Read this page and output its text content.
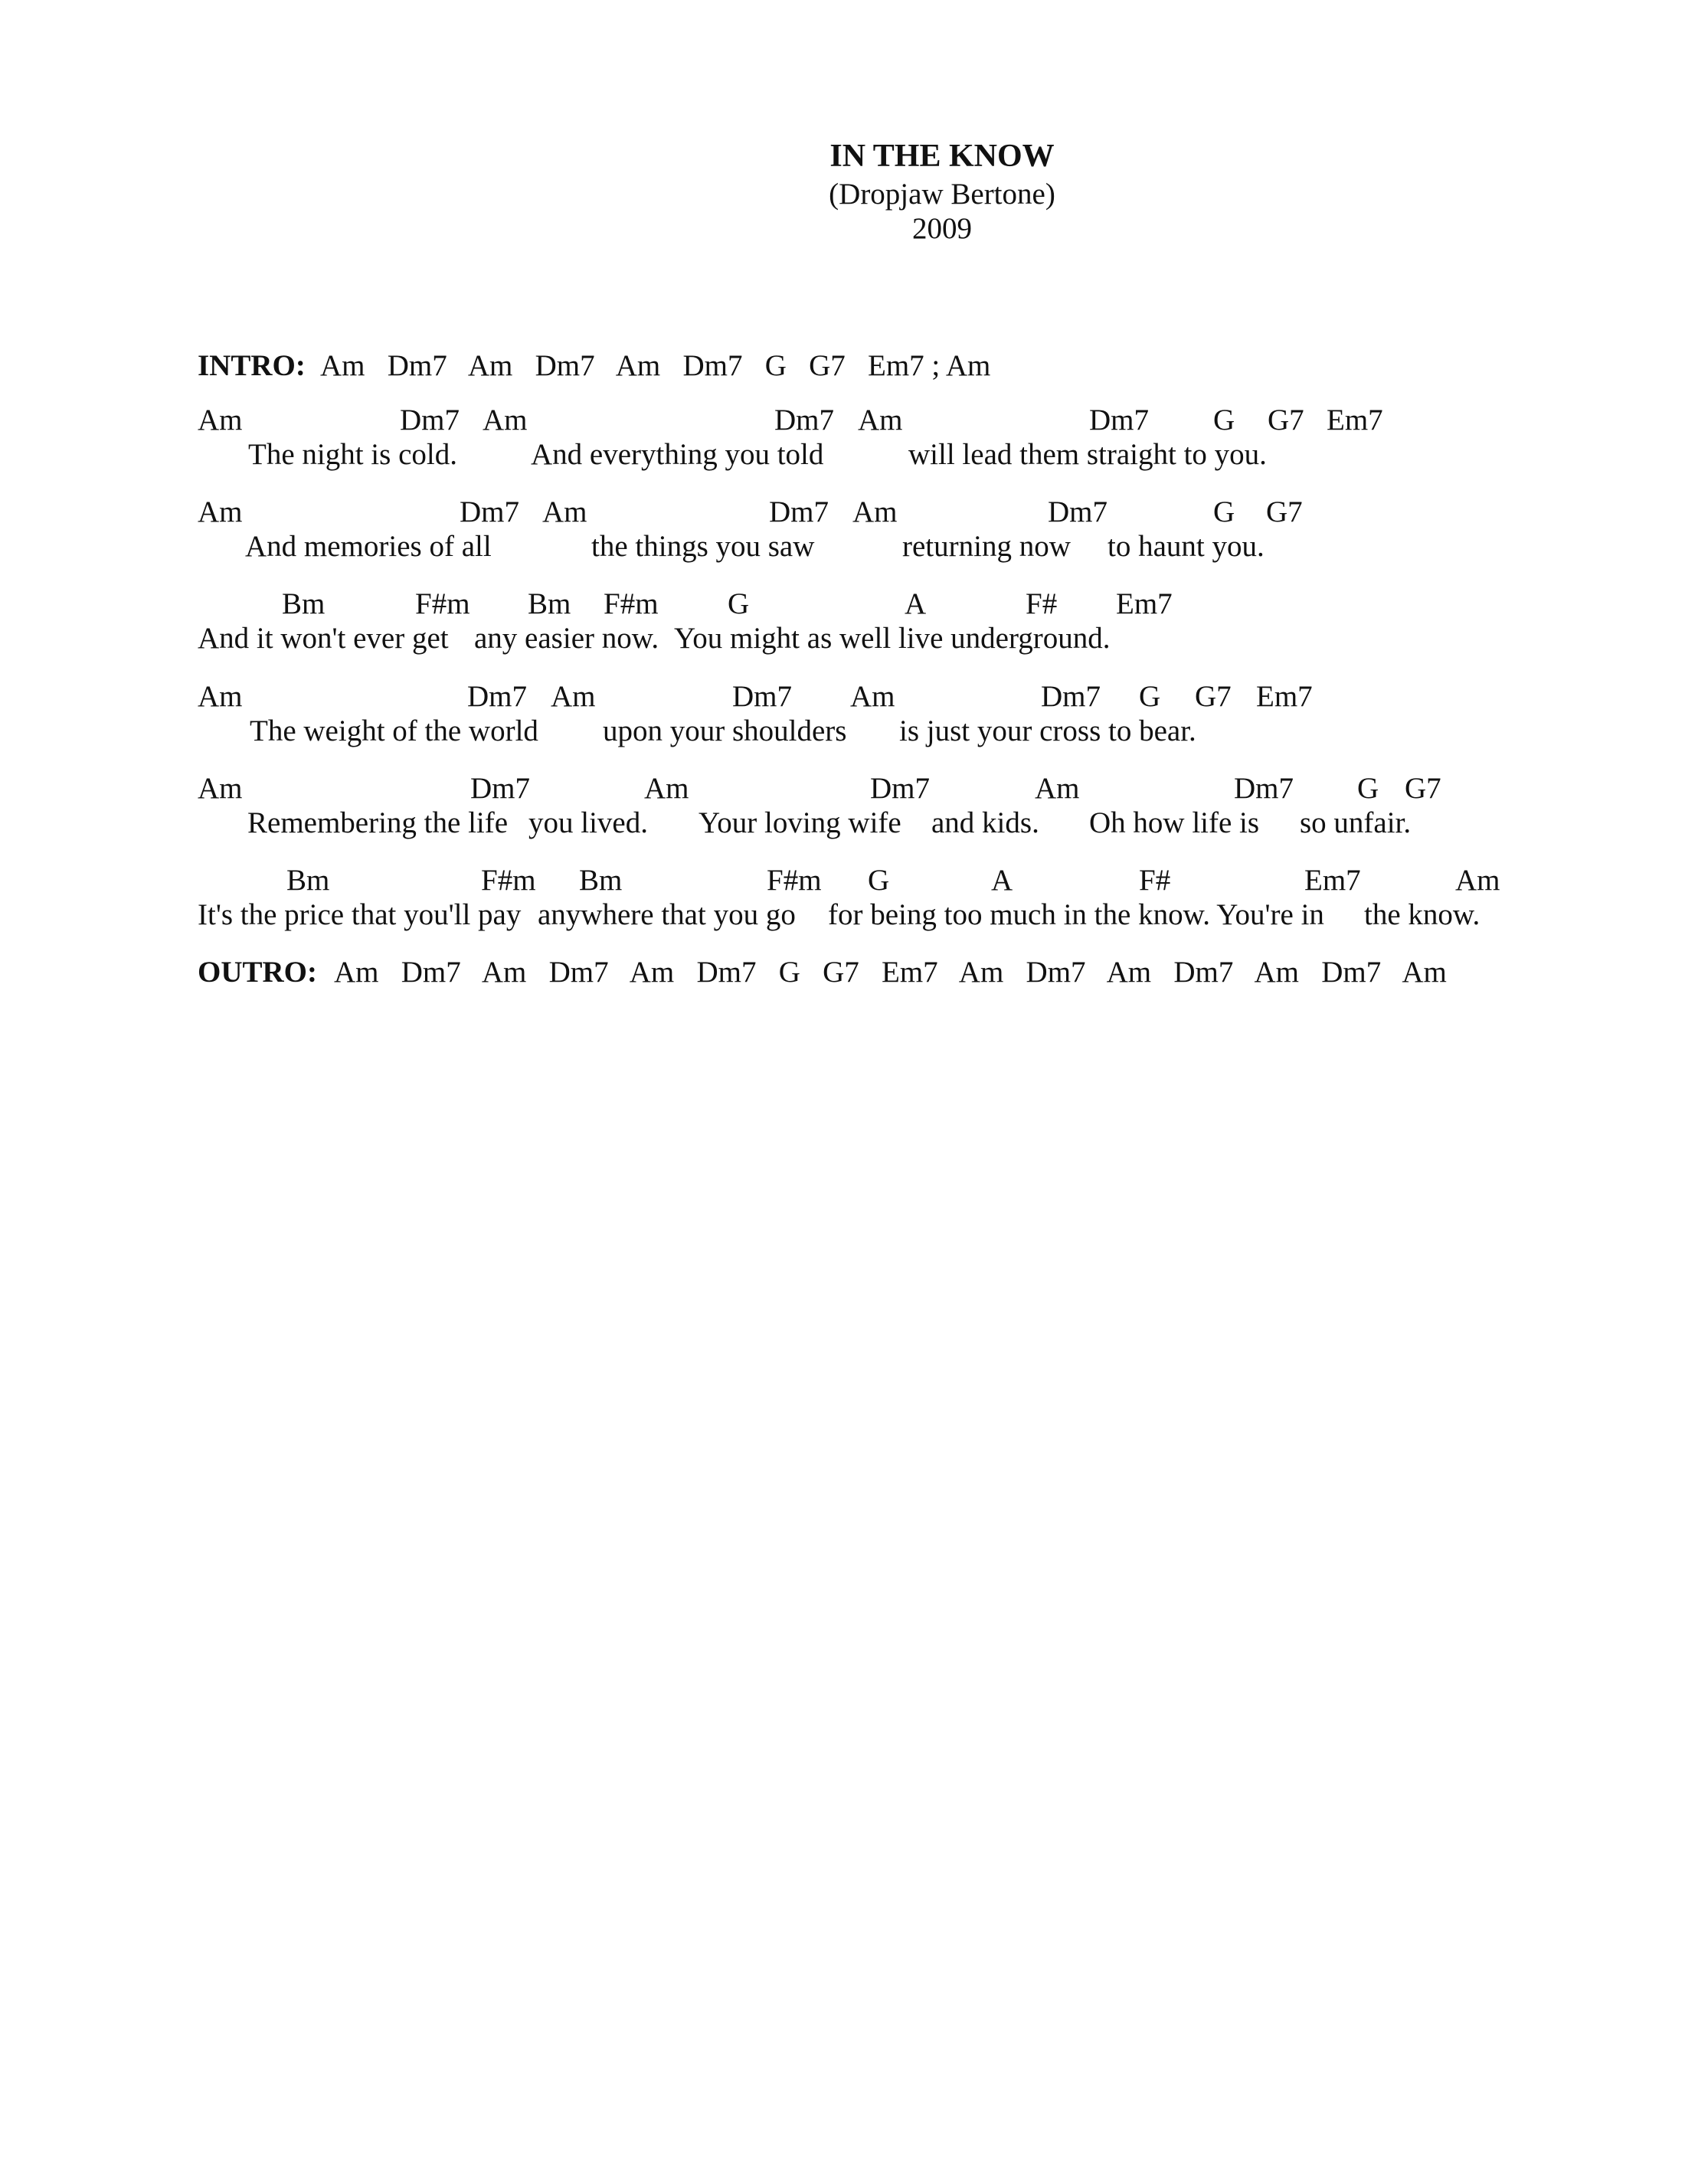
IN THE KNOW
(Dropjaw Bertone)
2009
INTRO: Am   Dm7   Am   Dm7   Am   Dm7   G   G7   Em7 ; Am
Am	Dm7 Am	Dm7 Am	Dm7 G G7 Em7
The night is cold. And everything you told	will lead them straight to you.
Am	Dm7 Am	Dm7 Am	Dm7	G G7
And memories of all	the things you saw	returning now to haunt you.
Bm	F#m Bm F#m G	A	F# Em7
And it won't ever get any easier now. You might as well live underground.
Am	Dm7 Am	Dm7 Am	Dm7 G G7 Em7
The weight of the world upon your shoulders is just your cross to bear.
Am	Dm7	Am	Dm7	Am	Dm7 G G7
Remembering the life you lived. Your loving wife and kids. Oh how life is so unfair.
Bm	F#m Bm	F#m G	A	F#	Em7	Am
It's the price that you'll pay anywhere that you go for being too much in the know. You're in the know.
OUTRO: Am   Dm7   Am   Dm7   Am   Dm7   G   G7   Em7   Am   Dm7   Am   Dm7   Am   Dm7   Am
